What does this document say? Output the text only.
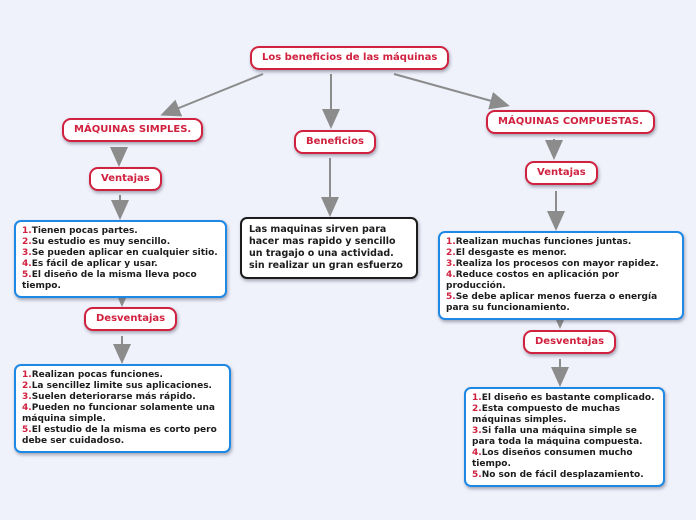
Los beneficios de las máquinas
MÁQUINAS SIMPLES.
Beneficios
MÁQUINAS COMPUESTAS.
Ventajas
1.Tienen pocas partes.
2.Su estudio es muy sencillo.
3.Se pueden aplicar en cualquier sitio.
4.Es fácil de aplicar y usar.
5.El diseño de la misma lleva poco tiempo.
Las maquinas sirven para hacer mas rapido y sencillo un tragajo o una actividad. sin realizar un gran esfuerzo
Ventajas
1.Realizan muchas funciones juntas.
2.El desgaste es menor.
3.Realiza los procesos con mayor rapidez.
4.Reduce costos en aplicación por producción.
5.Se debe aplicar menos fuerza o energía para su funcionamiento.
Desventajas
1.Realizan pocas funciones.
2.La sencillez limite sus aplicaciones.
3.Suelen deteriorarse más rápido.
4.Pueden no funcionar solamente una máquina simple.
5.El estudio de la misma es corto pero debe ser cuidadoso.
Desventajas
1.El diseño es bastante complicado.
2.Esta compuesto de muchas máquinas simples.
3.Si falla una máquina simple se para toda la máquina compuesta.
4.Los diseños consumen mucho tiempo.
5.No son de fácil desplazamiento.
